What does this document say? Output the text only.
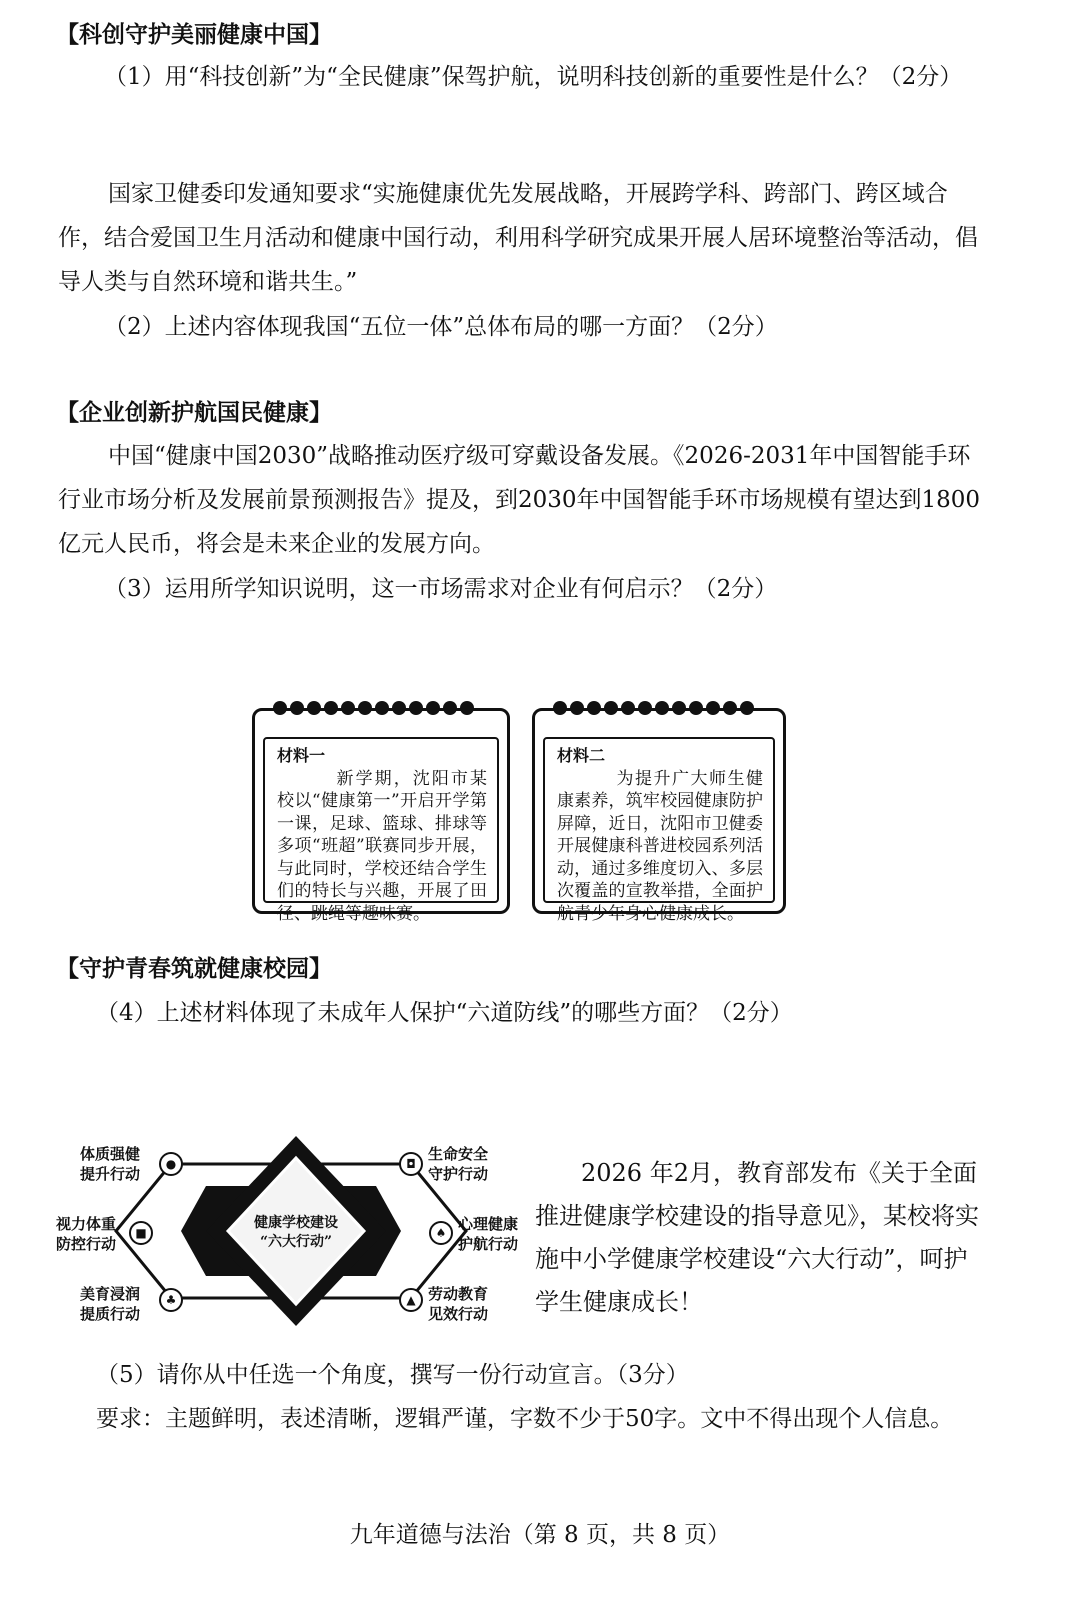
【科创守护美丽健康中国】
（1）用“科技创新”为“全民健康”保驾护航，说明科技创新的重要性是什么？（2分）
国家卫健委印发通知要求“实施健康优先发展战略，开展跨学科、跨部门、跨区域合作，结合爱国卫生月活动和健康中国行动，利用科学研究成果开展人居环境整治等活动，倡导人类与自然环境和谐共生。”
（2）上述内容体现我国“五位一体”总体布局的哪一方面？（2分）
【企业创新护航国民健康】
中国“健康中国2030”战略推动医疗级可穿戴设备发展。《2026-2031年中国智能手环行业市场分析及发展前景预测报告》提及，到2030年中国智能手环市场规模有望达到1800亿元人民币，将会是未来企业的发展方向。
（3）运用所学知识说明，这一市场需求对企业有何启示？（2分）
材料一
新学期，沈阳市某校以“健康第一”开启开学第一课，足球、篮球、排球等多项“班超”联赛同步开展，与此同时，学校还结合学生们的特长与兴趣，开展了田径、跳绳等趣味赛。
材料二
为提升广大师生健康素养，筑牢校园健康防护屏障，近日，沈阳市卫健委开展健康科普进校园系列活动，通过多维度切入、多层次覆盖的宣教举措，全面护航青少年身心健康成长。
【守护青春筑就健康校园】
（4）上述材料体现了未成年人保护“六道防线”的哪些方面？（2分）
健康学校建设
“六大行动”
体质强健
提升行动
●
视力体重
防控行动
■
美育浸润
提质行动
♣
◘
生命安全
守护行动
♠ 心理健康
护航行动
▲ 劳动教育
见效行动
2026 年2月，教育部发布《关于全面推进健康学校建设的指导意见》，某校将实施中小学健康学校建设“六大行动”，呵护学生健康成长！
（5）请你从中任选一个角度，撰写一份行动宣言。（3分）
要求：主题鲜明，表述清晰，逻辑严谨，字数不少于50字。文中不得出现个人信息。
九年道德与法治（第 8 页，共 8 页）
